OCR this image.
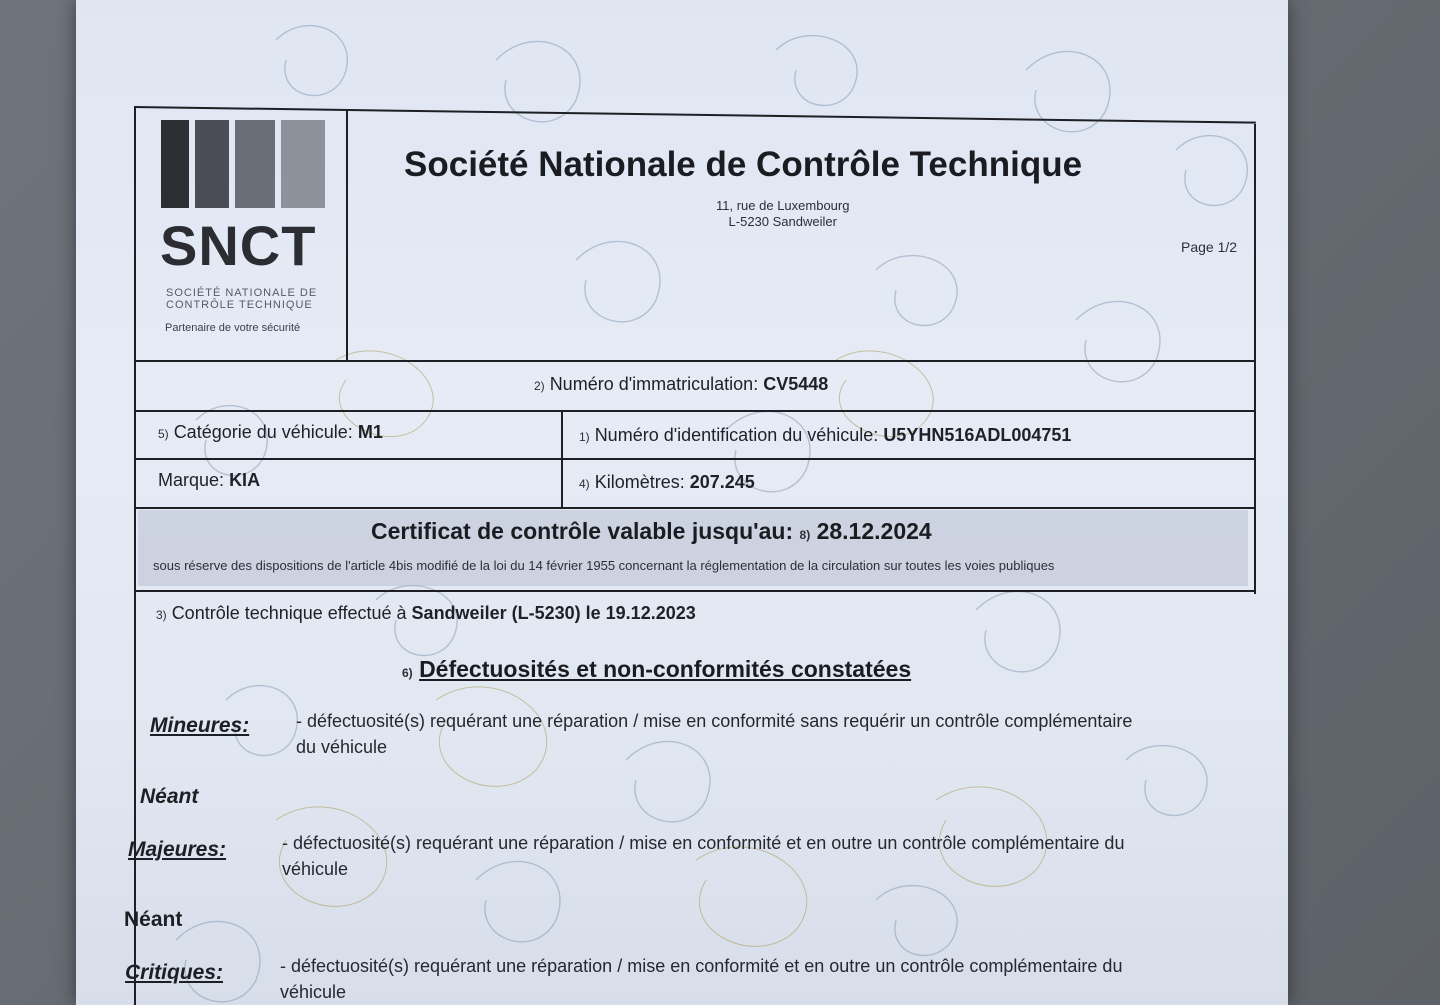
SNCT
SOCIÉTÉ NATIONALE DE
CONTRÔLE TECHNIQUE
Partenaire de votre sécurité
Société Nationale de Contrôle Technique
11, rue de Luxembourg
L-5230 Sandweiler
Page 1/2
2) Numéro d'immatriculation: CV5448
5) Catégorie du véhicule: M1	1) Numéro d'identification du véhicule: U5YHN516ADL004751
Marque: KIA	4) Kilomètres: 207.245
Certificat de contrôle valable jusqu'au: 8) 28.12.2024
sous réserve des dispositions de l'article 4bis modifié de la loi du 14 février 1955 concernant la réglementation de la circulation sur toutes les voies publiques
3) Contrôle technique effectué à Sandweiler (L-5230) le 19.12.2023
6) Défectuosités et non-conformités constatées
Mineures:	- défectuosité(s) requérant une réparation / mise en conformité sans requérir un contrôle complémentaire
du véhicule
Néant
Majeures:	- défectuosité(s) requérant une réparation / mise en conformité et en outre un contrôle complémentaire du
véhicule
Néant
Critiques:	- défectuosité(s) requérant une réparation / mise en conformité et en outre un contrôle complémentaire du
véhicule
